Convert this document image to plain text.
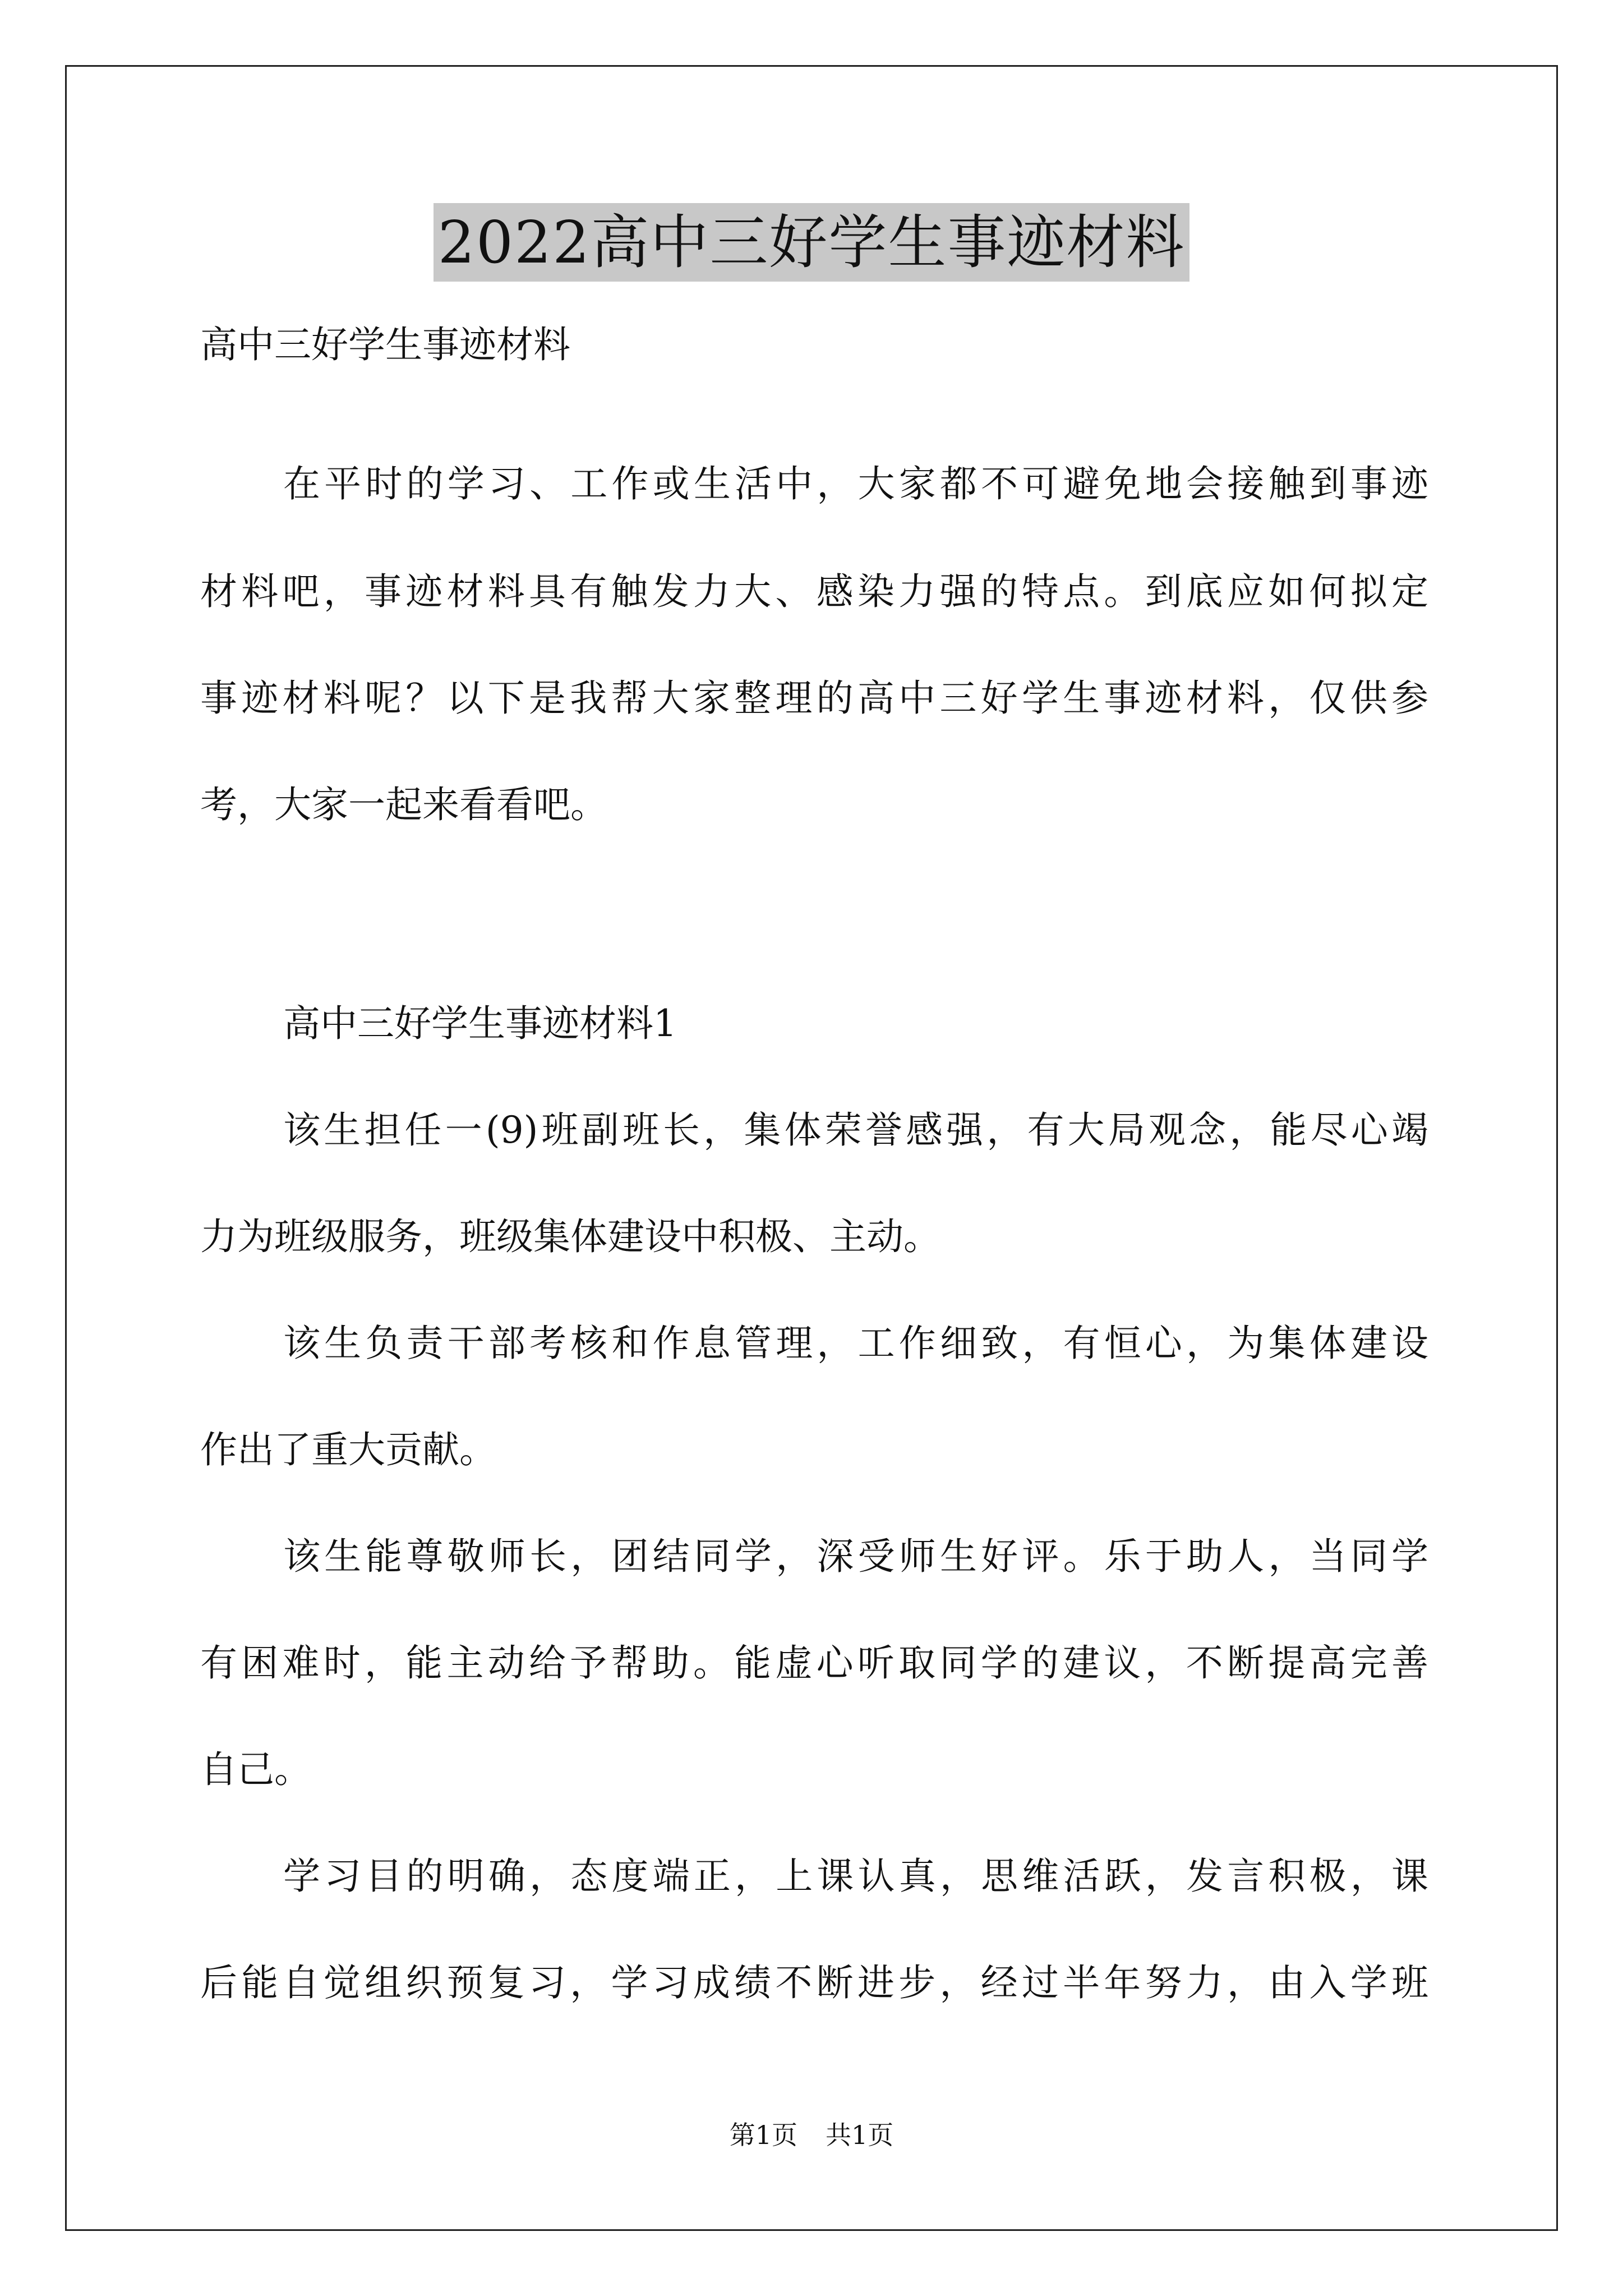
2022高中三好学生事迹材料
高中三好学生事迹材料
在平时的学习、工作或生活中，大家都不可避免地会接触到事迹
材料吧，事迹材料具有触发力大、感染力强的特点。到底应如何拟定
事迹材料呢？以下是我帮大家整理的高中三好学生事迹材料，仅供参
考，大家一起来看看吧。
高中三好学生事迹材料1
该生担任一(9)班副班长，集体荣誉感强，有大局观念，能尽心竭
力为班级服务，班级集体建设中积极、主动。
该生负责干部考核和作息管理，工作细致，有恒心，为集体建设
作出了重大贡献。
该生能尊敬师长，团结同学，深受师生好评。乐于助人，当同学
有困难时，能主动给予帮助。能虚心听取同学的建议，不断提高完善
自己。
学习目的明确，态度端正，上课认真，思维活跃，发言积极，课
后能自觉组织预复习，学习成绩不断进步，经过半年努力，由入学班
第1页 共1页
